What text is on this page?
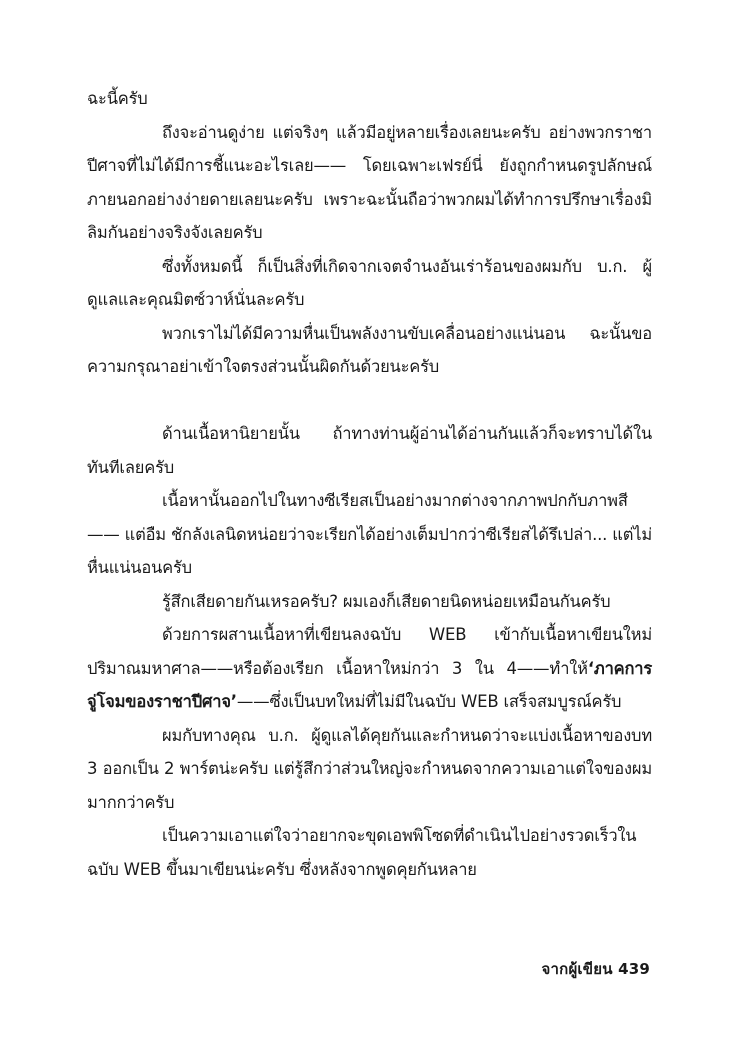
ฉะนี้ครับ

ถึงจะอ่านดูง่าย แต่จริงๆ แล้วมีอยู่หลายเรื่องเลยนะครับ อย่างพวกราชาปีศาจที่ไม่ได้มีการชี้แนะอะไรเลย—— โดยเฉพาะเฟรย์นี่ ยังถูกกำหนดรูปลักษณ์ภายนอกอย่างง่ายดายเลยนะครับ เพราะฉะนั้นถือว่าพวกผมได้ทำการปรึกษาเรื่องมิลิมกันอย่างจริงจังเลยครับ

ซึ่งทั้งหมดนี้ ก็เป็นสิ่งที่เกิดจากเจตจำนงอันเร่าร้อนของผมกับ บ.ก. ผู้ดูแลและคุณมิตซ์วาห์นั่นละครับ

พวกเราไม่ได้มีความหื่นเป็นพลังงานขับเคลื่อนอย่างแน่นอน ฉะนั้นขอความกรุณาอย่าเข้าใจตรงส่วนนั้นผิดกันด้วยนะครับ

ด้านเนื้อหานิยายนั้น ถ้าทางท่านผู้อ่านได้อ่านกันแล้วก็จะทราบได้ในทันทีเลยครับ

เนื้อหานั้นออกไปในทางซีเรียสเป็นอย่างมากต่างจากภาพปกกับภาพสี—— แต่อืม ชักลังเลนิดหน่อยว่าจะเรียกได้อย่างเต็มปากว่าซีเรียสได้รึเปล่า... แต่ไม่หื่นแน่นอนครับ

รู้สึกเสียดายกันเหรอครับ? ผมเองก็เสียดายนิดหน่อยเหมือนกันครับ

ด้วยการผสานเนื้อหาที่เขียนลงฉบับ WEB เข้ากับเนื้อหาเขียนใหม่ปริมาณมหาศาล——หรือต้องเรียก เนื้อหาใหม่กว่า 3 ใน 4——ทำให้‘ภาคการจู่โจมของราชาปีศาจ’——ซึ่งเป็นบทใหม่ที่ไม่มีในฉบับ WEB เสร็จสมบูรณ์ครับ

ผมกับทางคุณ บ.ก. ผู้ดูแลได้คุยกันและกำหนดว่าจะแบ่งเนื้อหาของบท 3 ออกเป็น 2 พาร์ตน่ะครับ แต่รู้สึกว่าส่วนใหญ่จะกำหนดจากความเอาแต่ใจของผมมากกว่าครับ

เป็นความเอาแต่ใจว่าอยากจะขุดเอพพิโซดที่ดำเนินไปอย่างรวดเร็วในฉบับ WEB ขึ้นมาเขียนน่ะครับ ซึ่งหลังจากพูดคุยกันหลาย

จากผู้เขียน 439
